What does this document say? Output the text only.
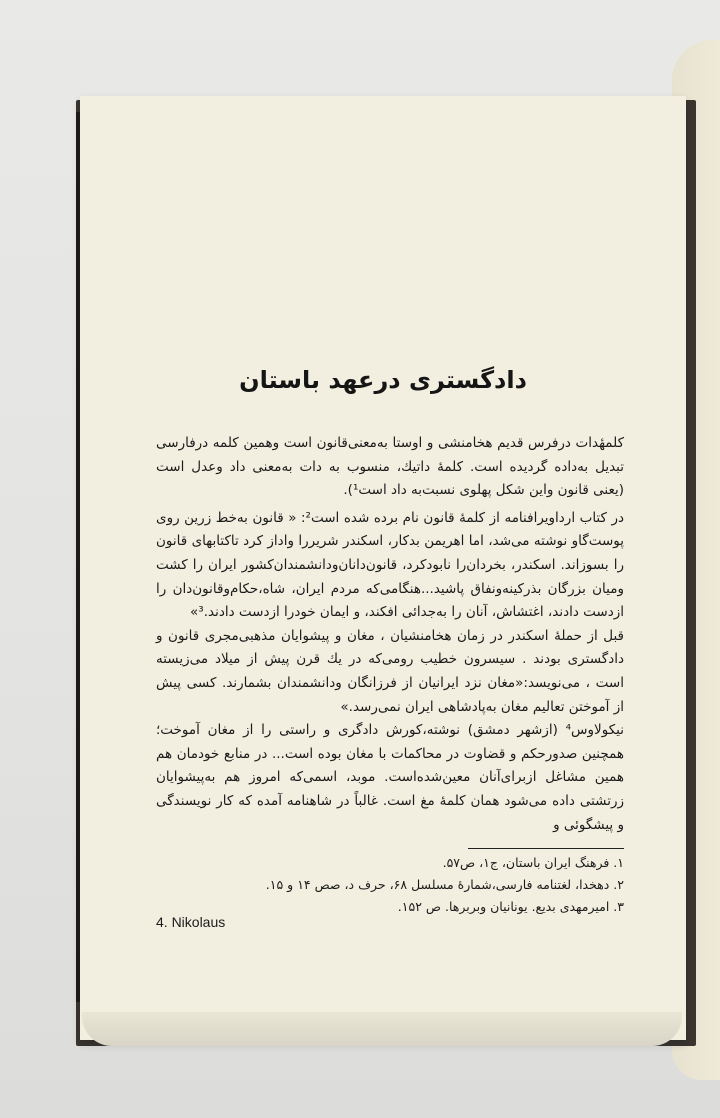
دادگستری درعهد باستان

کلمهٔدات درفرس قدیم هخامنشی و اوستا به‌معنی‌قانون است وهمین کلمه درفارسی تبدیل به‌داده گردیده است. کلمهٔ داتیك، منسوب به دات به‌معنی داد وعدل است (یعنی قانون واین شکل پهلوی نسبت‌به داد است¹).

در کتاب ارداویرافنامه از کلمهٔ قانون نام برده شده است²: « قانون به‌خط زرین روی پوست‌گاو نوشته می‌شد، اما اهریمن بدکار، اسکندر شریررا واداز کرد تاکتابهای قانون را بسوزاند. اسکندر، بخردان‌را نابودکرد، قانون‌دانان‌ودانشمندان‌کشور ایران را کشت ومیان بزرگان بذرکینه‌ونفاق پاشید...هنگامی‌که مردم ایران، شاه،حکام‌وقانون‌دان را ازدست دادند، اغتشاش، آنان را به‌جدائی افکند، و ایمان خودرا ازدست دادند.³»

قبل از حملهٔ اسکندر در زمان هخامنشیان ، مغان و پیشوایان مذهبی‌مجری قانون و دادگستری بودند . سیسرون خطیب رومی‌که در یك قرن پیش از میلاد می‌زیسته است ، می‌نویسد:«مغان نزد ایرانیان از فرزانگان ودانشمندان بشمارند. کسی پیش از آموختن تعالیم مغان به‌پادشاهی ایران نمی‌رسد.»

نیکولاوس⁴ (ازشهر دمشق) نوشته،کورش دادگری و راستی را از مغان آموخت؛ همچنین صدورحکم و قضاوت در محاکمات با مغان بوده است... در منابع خودمان هم همین مشاغل ازبرای‌آنان معین‌شده‌است. موبد، اسمی‌که امروز هم به‌پیشوایان زرتشتی داده می‌شود همان کلمهٔ مغ است. غالباً در شاهنامه آمده که کار نویسندگی و پیشگوئی و

۱. فرهنگ ایران باستان، ج۱، ص۵۷.

۲. دهخدا، لغتنامه فارسی،شمارهٔ مسلسل ۶۸، حرف د، صص ۱۴ و ۱۵.

۳. امیرمهدی بدیع. یونانیان وبربرها. ص ۱۵۲.

4. Nikolaus
